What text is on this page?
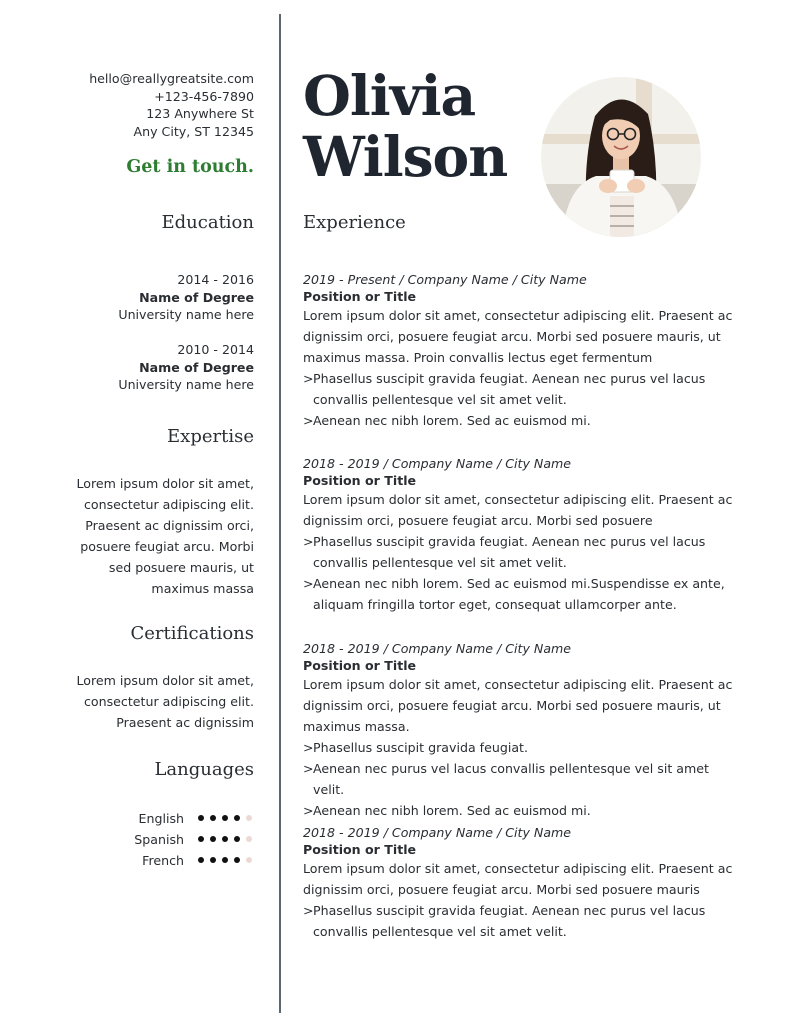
hello@reallygreatsite.com
+123-456-7890
123 Anywhere St
Any City, ST 12345
Get in touch.
Education
2014 - 2016
Name of Degree
University name here
2010 - 2014
Name of Degree
University name here
Expertise
Lorem ipsum dolor sit amet,
consectetur adipiscing elit.
Praesent ac dignissim orci,
posuere feugiat arcu. Morbi
sed posuere mauris, ut
maximus massa
Certifications
Lorem ipsum dolor sit amet,
consectetur adipiscing elit.
Praesent ac dignissim
Languages
English
Spanish
French
Olivia
Wilson
Experience
2019 - Present / Company Name / City Name
Position or Title
Lorem ipsum dolor sit amet, consectetur adipiscing elit. Praesent ac
dignissim orci, posuere feugiat arcu. Morbi sed posuere mauris, ut
maximus massa. Proin convallis lectus eget fermentum
> Phasellus suscipit gravida feugiat. Aenean nec purus vel lacus
convallis pellentesque vel sit amet velit.
> Aenean nec nibh lorem. Sed ac euismod mi.
2018 - 2019 / Company Name / City Name
Position or Title
Lorem ipsum dolor sit amet, consectetur adipiscing elit. Praesent ac
dignissim orci, posuere feugiat arcu. Morbi sed posuere
> Phasellus suscipit gravida feugiat. Aenean nec purus vel lacus
convallis pellentesque vel sit amet velit.
> Aenean nec nibh lorem. Sed ac euismod mi.Suspendisse ex ante,
aliquam fringilla tortor eget, consequat ullamcorper ante.
2018 - 2019 / Company Name / City Name
Position or Title
Lorem ipsum dolor sit amet, consectetur adipiscing elit. Praesent ac
dignissim orci, posuere feugiat arcu. Morbi sed posuere mauris, ut
maximus massa.
> Phasellus suscipit gravida feugiat.
> Aenean nec purus vel lacus convallis pellentesque vel sit amet velit.
> Aenean nec nibh lorem. Sed ac euismod mi.
2018 - 2019 / Company Name / City Name
Position or Title
Lorem ipsum dolor sit amet, consectetur adipiscing elit. Praesent ac
dignissim orci, posuere feugiat arcu. Morbi sed posuere mauris
> Phasellus suscipit gravida feugiat. Aenean nec purus vel lacus
convallis pellentesque vel sit amet velit.
